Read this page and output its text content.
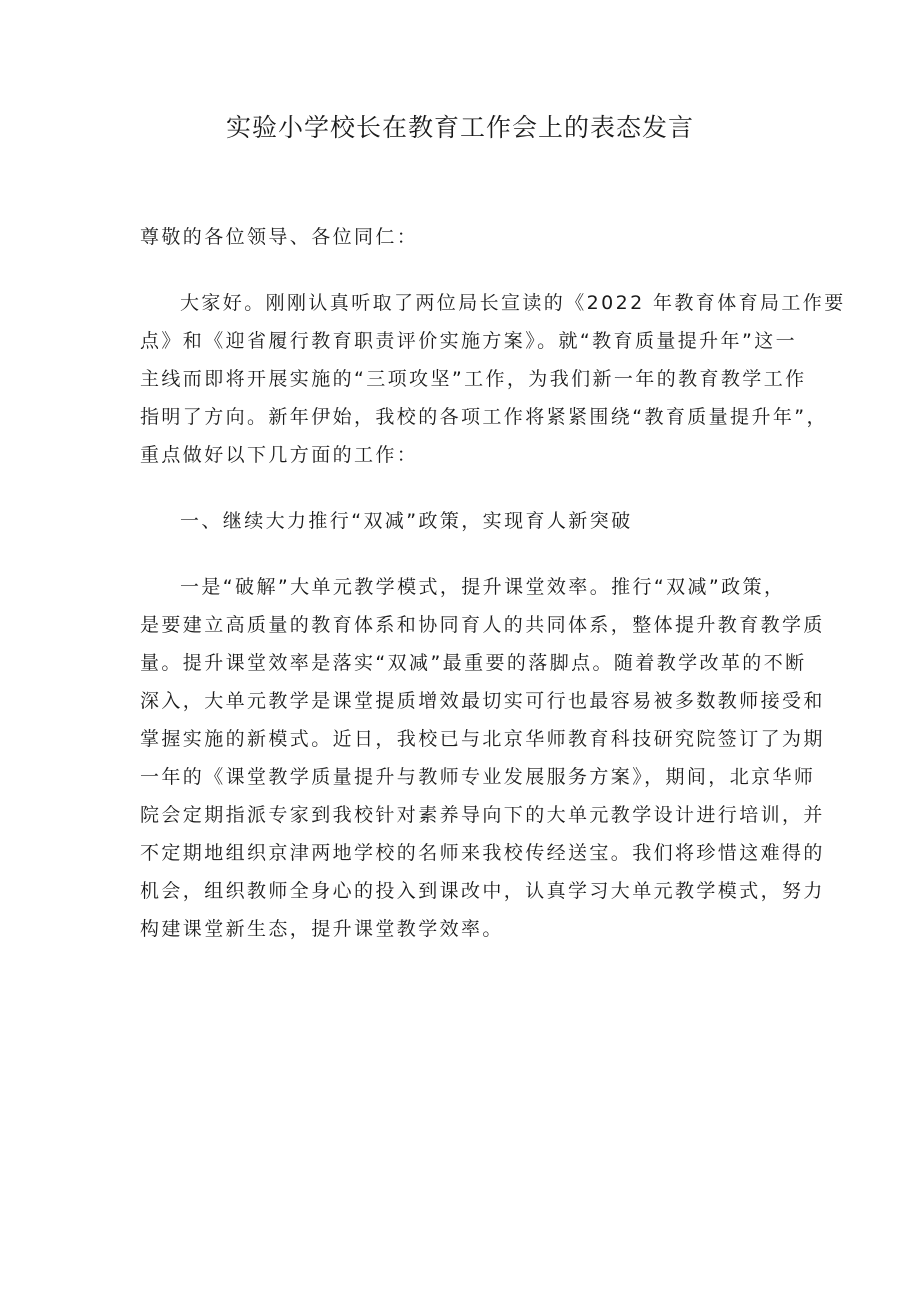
实验小学校长在教育工作会上的表态发言
尊敬的各位领导、各位同仁：
大家好。刚刚认真听取了两位局长宣读的《2022 年教育体育局工作要
点》和《迎省履行教育职责评价实施方案》。就“教育质量提升年”这一
主线而即将开展实施的“三项攻坚”工作，为我们新一年的教育教学工作
指明了方向。新年伊始，我校的各项工作将紧紧围绕“教育质量提升年”，
重点做好以下几方面的工作：
一、继续大力推行“双减”政策，实现育人新突破
一是“破解”大单元教学模式，提升课堂效率。推行“双减”政策，
是要建立高质量的教育体系和协同育人的共同体系，整体提升教育教学质
量。提升课堂效率是落实“双减”最重要的落脚点。随着教学改革的不断
深入，大单元教学是课堂提质增效最切实可行也最容易被多数教师接受和
掌握实施的新模式。近日，我校已与北京华师教育科技研究院签订了为期
一年的《课堂教学质量提升与教师专业发展服务方案》，期间，北京华师
院会定期指派专家到我校针对素养导向下的大单元教学设计进行培训，并
不定期地组织京津两地学校的名师来我校传经送宝。我们将珍惜这难得的
机会，组织教师全身心的投入到课改中，认真学习大单元教学模式，努力
构建课堂新生态，提升课堂教学效率。
